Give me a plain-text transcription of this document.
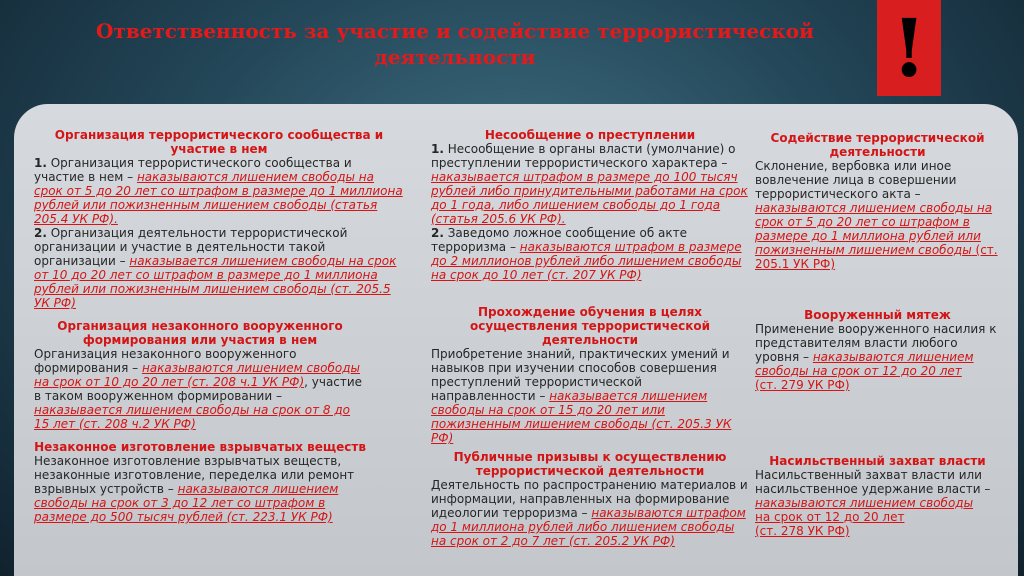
Ответственность за участие и содействие террористической деятельности	!
Организация террористического сообщества и участие в нем
1. Организация террористического сообщества и участие в нем – наказываются лишением свободы на срок от 5 до 20 лет со штрафом в размере до 1 миллиона рублей или пожизненным лишением свободы (статья 205.4 УК РФ).
2. Организация деятельности террористической организации и участие в деятельности такой организации – наказывается лишением свободы на срок от 10 до 20 лет со штрафом в размере до 1 миллиона рублей или пожизненным лишением свободы (ст. 205.5 УК РФ)
Организация незаконного вооруженного формирования или участия в нем
Организация незаконного вооруженного формирования – наказываются лишением свободы на срок от 10 до 20 лет (ст. 208 ч.1 УК РФ), участие в таком вооруженном формировании – наказывается лишением свободы на срок от 8 до 15 лет (ст. 208 ч.2 УК РФ)
Незаконное изготовление взрывчатых веществ
Незаконное изготовление взрывчатых веществ, незаконные изготовление, переделка или ремонт взрывных устройств – наказываются лишением свободы на срок от 3 до 12 лет со штрафом в размере до 500 тысяч рублей (ст. 223.1 УК РФ)
Несообщение о преступлении
1. Несообщение в органы власти (умолчание) о преступлении террористического характера – наказывается штрафом в размере до 100 тысяч рублей либо принудительными работами на срок до 1 года, либо лишением свободы до 1 года (статья 205.6 УК РФ).
2. Заведомо ложное сообщение об акте терроризма – наказываются штрафом в размере до 2 миллионов рублей либо лишением свободы на срок до 10 лет (ст. 207 УК РФ)
Прохождение обучения в целях осуществления террористической деятельности
Приобретение знаний, практических умений и навыков при изучении способов совершения преступлений террористической направленности – наказывается лишением свободы на срок от 15 до 20 лет или пожизненным лишением свободы (ст. 205.3 УК РФ)
Публичные призывы к осуществлению террористической деятельности
Деятельность по распространению материалов и информации, направленных на формирование идеологии терроризма – наказываются штрафом до 1 миллиона рублей либо лишением свободы на срок от 2 до 7 лет (ст. 205.2 УК РФ)
Содействие террористической деятельности
Склонение, вербовка или иное вовлечение лица в совершении террористического акта – наказываются лишением свободы на срок от 5 до 20 лет со штрафом в размере до 1 миллиона рублей или пожизненным лишением свободы (ст. 205.1 УК РФ)
Вооруженный мятеж
Применение вооруженного насилия к представителям власти любого уровня – наказываются лишением свободы на срок от 12 до 20 лет
(ст. 279 УК РФ)
Насильственный захват власти
Насильственный захват власти или насильственное удержание власти –наказываются лишением свободы
на срок от 12 до 20 лет
(ст. 278 УК РФ)
